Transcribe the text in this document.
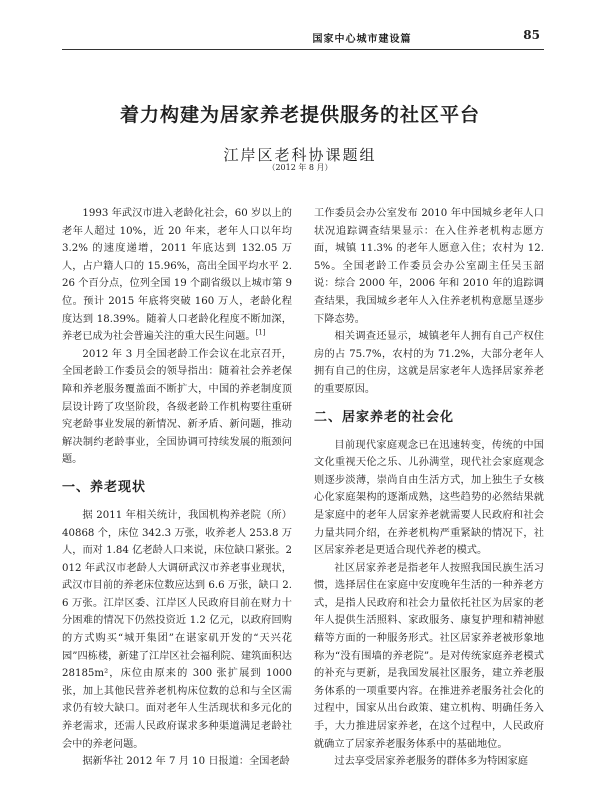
国家中心城市建设篇	85
着力构建为居家养老提供服务的社区平台
江岸区老科协课题组
（2012 年 8 月）

1993 年武汉市进入老龄化社会，60 岁以上的老年人超过 10%，近 20 年来，老年人口以年均 3.2% 的速度递增，2011 年底达到 132.05 万人，占户籍人口的 15.96%，高出全国平均水平 2.26 个百分点，位列全国 19 个副省级以上城市第 9 位。预计 2015 年底将突破 160 万人，老龄化程度达到 18.39%。随着人口老龄化程度不断加深，养老已成为社会普遍关注的重大民生问题。[1]

2012 年 3 月全国老龄工作会议在北京召开，全国老龄工作委员会的领导指出：随着社会养老保障和养老服务覆盖面不断扩大，中国的养老制度顶层设计跨了攻坚阶段，各级老龄工作机构要往重研究老龄事业发展的新情况、新矛盾、新问题，推动解决制约老龄事业，全国协调可持续发展的瓶颈问题。

一、养老现状

据 2011 年相关统计，我国机构养老院（所）40868 个，床位 342.3 万张，收养老人 253.8 万人，而对 1.84 亿老龄人口来说，床位缺口紧张。2012 年武汉市老龄人大调研武汉市养老事业现状，武汉市目前的养老床位数应达到 6.6 万张，缺口 2.6 万张。江岸区委、江岸区人民政府目前在财力十分困难的情况下仍然投资近 1.2 亿元，以政府回购的方式购买“城开集团”在谌家矶开发的“天兴花园”四栋楼，新建了江岸区社会福利院、建筑面积达 28185m²，床位由原来的 300 张扩展到 1000 张，加上其他民营养老机构床位数的总和与全区需求仍有较大缺口。面对老年人生活现状和多元化的养老需求，还需人民政府谋求多种渠道满足老龄社会中的养老问题。

据新华社 2012 年 7 月 10 日报道：全国老龄

工作委员会办公室发布 2010 年中国城乡老年人口状况追踪调查结果显示：在入住养老机构志愿方面，城镇 11.3% 的老年人愿意入住；农村为 12.5%。全国老龄工作委员会办公室副主任吴玉韶说：综合 2000 年，2006 年和 2010 年的追踪调查结果，我国城乡老年人入住养老机构意愿呈逐步下降态势。

相关调查还显示，城镇老年人拥有自己产权住房的占 75.7%，农村的为 71.2%，大部分老年人拥有自己的住房，这就是居家老年人选择居家养老的重要原因。

二、居家养老的社会化

目前现代家庭观念已在迅速转变，传统的中国文化重视天伦之乐、儿孙满堂，现代社会家庭观念则逐步淡薄，崇尚自由生活方式，加上独生子女核心化家庭架构的逐渐成熟，这些趋势的必然结果就是家庭中的老年人居家养老就需要人民政府和社会力量共同介绍，在养老机构严重紧缺的情况下，社区居家养老是更适合现代养老的模式。

社区居家养老是指老年人按照我国民族生活习惯，选择居住在家庭中安度晚年生活的一种养老方式，是指人民政府和社会力量依托社区为居家的老年人提供生活照料、家政服务、康复护理和精神慰藉等方面的一种服务形式。社区居家养老被形象地称为“没有围墙的养老院”。是对传统家庭养老模式的补充与更新，是我国发展社区服务，建立养老服务体系的一项重要内容。在推进养老服务社会化的过程中，国家从出台政策、建立机构、明确任务入手，大力推进居家养老，在这个过程中，人民政府就确立了居家养老服务体系中的基础地位。

过去享受居家养老服务的群体多为特困家庭
